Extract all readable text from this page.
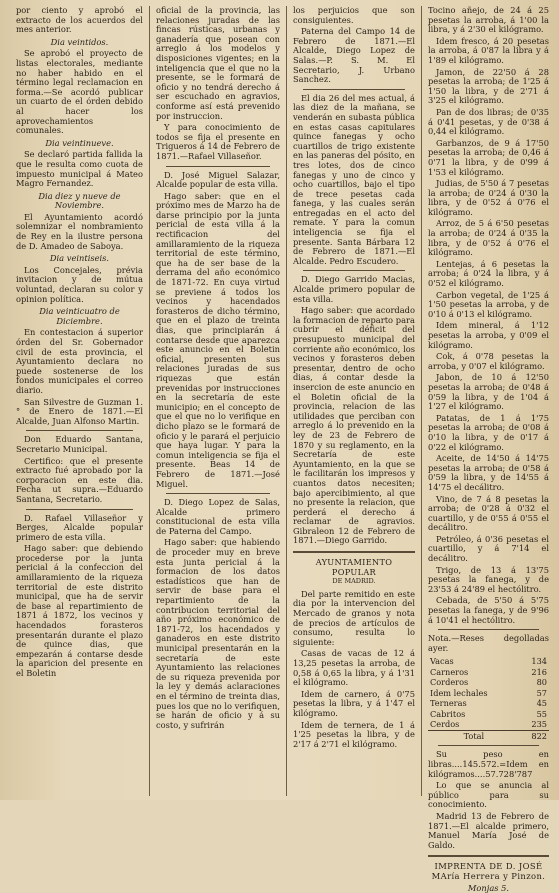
por ciento y aprobó el extracto de los acuerdos del mes anterior.

Dia veintidos.

Se aprobó el proyecto de listas electorales, mediante no haber habido en el término legal reclamacion en forma.—Se acordó publicar un cuarto de el órden debido al hacer los aprovechamientos comunales.

Dia veintinueve.

Se declaró partida fallida la que le resulta como cuota de impuesto municipal á Mateo Magro Fernandez.

Dia diez y nueve de Noviembre.

El Ayuntamiento acordó solemnizar el nombramiento de Rey en la ilustre persona de D. Amadeo de Saboya.

Dia veintiseis.

Los Concejales, prévia invitacion y de mútua voluntad, declaran su color y opinion política.

Dia veinticuatro de Diciembre.

En contestacion á superior órden del Sr. Gobernador civil de esta provincia, el Ayuntamiento declara no puede sostenerse de los fondos municipales el correo diario.

San Silvestre de Guzman 1.° de Enero de 1871.—El Alcalde, Juan Alfonso Martin.

Don Eduardo Santana, Secretario Municipal.

Certifico: que el presente extracto fué aprobado por la corporacion en este dia. Fecha ut supra.—Eduardo Santana, Secretario.

D. Rafael Villaseñor y Berges, Alcalde popular primero de esta villa.

Hago saber: que debiendo procederse por la junta pericial á la confeccion del amillaramiento de la riqueza territorial de este distrito municipal, que ha de servir de base al repartimiento de 1871 á 1872, los vecinos y hacendados forasteros presentarán durante el plazo de quince dias, que empezarán á contarse desde la aparicion del presente en el Boletin

oficial de la provincia, las relaciones juradas de las fincas rústicas, urbanas y ganadería que posean con arreglo á los modelos y disposiciones vigentes; en la inteligencia que el que no la presente, se le formará de oficio y no tendrá derecho á ser escuchado en agravios, conforme así está prevenido por instruccion.

Y para conocimiento de todos se fija el presente en Trigueros á 14 de Febrero de 1871.—Rafael Villaseñor.

D. José Miguel Salazar, Alcalde popular de esta villa.

Hago saber: que en el próximo mes de Marzo ha de darse principio por la junta pericial de esta villa á la rectificacion del amillaramiento de la riqueza territorial de este término, que ha de ser base de la derrama del año económico de 1871-72. En cuya virtud se previene á todos los vecinos y hacendados forasteros de dicho término, que en el plazo de treinta dias, que principiarán á contarse desde que aparezca este anuncio en el Boletin oficial, presenten sus relaciones juradas de sus riquezas que están prevenidas por instrucciones en la secretaría de este municipio; en el concepto de que el que no lo verifique en dicho plazo se le formará de oficio y le parará el perjuicio que haya lugar. Y para la comun inteligencia se fija el presente. Beas 14 de Febrero de 1871.—José Miguel.

D. Diego Lopez de Salas, Alcalde primero constitucional de esta villa de Paterna del Campo.

Hago saber: que habiendo de proceder muy en breve esta junta pericial á la formacion de los datos estadísticos que han de servir de base para el repartimiento de la contribucion territorial del año próximo económico de 1871-72, los hacendados y ganaderos en este distrito municipal presentarán en la secretaría de este Ayuntamiento las relaciones de su riqueza prevenida por la ley y demás aclaraciones en el término de treinta dias, pues los que no lo verifiquen, se harán de oficio y á su costo, y sufrirán

los perjuicios que son consiguientes.

Paterna del Campo 14 de Febrero de 1871.—El Alcalde, Diego Lopez de Salas.—P. S. M. El Secretario, J. Urbano Sanchez.

El dia 26 del mes actual, á las diez de la mañana, se venderán en subasta pública en estas casas capitulares quince fanegas y ocho cuartillos de trigo existente en las paneras del pósito, en tres lotes, dos de cinco fanegas y uno de cinco y ocho cuartillos, bajo el tipo de trece pesetas cada fanega, y las cuales serán entregadas en el acto del remate. Y para la comun inteligencia se fija el presente. Santa Bárbara 12 de Febrero de 1871.—El Alcalde. Pedro Escudero.

D. Diego Garrido Macias, Alcalde primero popular de esta villa.

Hago saber: que acordado la formacion de reparto para cubrir el déficit del presupuesto municipal del corriente año económico, los vecinos y forasteros deben presentar, dentro de ocho dias, á contar desde la insercion de este anuncio en el Boletin oficial de la provincia, relacion de las utilidades que perciban con arreglo á lo prevenido en la ley de 23 de Febrero de 1870 y su reglamento, en la Secretaría de este Ayuntamiento, en la que se le facilitarán los impresos y cuantos datos necesiten; bajo apercibimiento, al que no presente la relacion, que perderá el derecho á reclamar de agravios. Gibraleon 12 de Febrero de 1871.—Diego Garrido.

AYUNTAMIENTO POPULAR

DE MADRID.

Del parte remitido en este dia por la intervencion del Mercado de granos y nota de precios de artículos de consumo, resulta lo siguiente:

Casas de vacas de 12 á 13,25 pesetas la arroba, de 0,58 á 0,65 la libra, y á 1'31 el kilógramo.

Idem de carnero, á 0'75 pesetas la libra, y á 1'47 el kilógramo.

Idem de ternera, de 1 á 1'25 pesetas la libra, y de 2'17 á 2'71 el kilógramo.

Tocino añejo, de 24 á 25 pesetas la arroba, á 1'00 la libra, y á 2'30 el kilógramo.

Idem fresco, á 20 pesetas la arroba, á 0'87 la libra y á 1'89 el kilógramo.

Jamon, de 22'50 á 28 pesetas la arroba; de 1'25 á 1'50 la libra, y de 2'71 á 3'25 el kilógramo.

Pan de dos libras; de 0'35 á 0'41 pesetas, y de 0'38 á 0,44 el kilógramo.

Garbanzos, de 9 á 17'50 pesetas la arroba; de 0,46 á 0'71 la libra, y de 0'99 á 1'53 el kilógramo.

Judias, de 5'50 á 7 pesetas la arroba; de 0'24 á 0'30 la libra, y de 0'52 á 0'76 el kilógramo.

Arroz, de 5 á 6'50 pesetas la arroba; de 0'24 á 0'35 la libra, y de 0'52 á 0'76 el kilógramo.

Lentejas, á 6 pesetas la arroba; á 0'24 la libra, y á 0'52 el kilógramo.

Carbon vegetal, de 1'25 á 1'50 pesetas la arroba, y de 0'10 á 0'13 el kilógramo.

Idem mineral, á 1'12 pesetas la arroba, y 0'09 el kilógramo.

Cok, á 0'78 pesetas la arroba, y 0'07 el kilógramo.

Jabon, de 10 á 12'50 pesetas la arroba; de 0'48 á 0'59 la libra, y de 1'04 á 1'27 el kilógramo.

Patatas, de 1 á 1'75 pesetas la arroba; de 0'08 á 0'10 la libra, y de 0'17 á 0'22 el kilógramo.

Aceite, de 14'50 á 14'75 pesetas la arroba; de 0'58 á 0'59 la libra, y de 14'55 á 14'75 el decálitro.

Vino, de 7 á 8 pesetas la arroba; de 0'28 á 0'32 el cuartillo, y de 0'55 á 0'55 el decálitro.

Petróleo, á 0'36 pesetas el cuartillo, y á 7'14 el decálitro.

Trigo, de 13 á 13'75 pesetas la fanega, y de 23'53 á 24'89 el hectólitro.

Cebada, de 5'50 á 5'75 pesetas la fanega, y de 9'96 á 10'41 el hectólitro.

Nota.—Reses degolladas ayer.

Vacas	134
Carneros	216
Corderos	80
Idem lechales	57
Terneras	45
Cabritos	55
Cerdos	235
Total	822

Su peso en libras....145.572.=Idem en kilógramos....57.728'787

Lo que se anuncia al público para su conocimiento.

Madrid 13 de Febrero de 1871.—El alcalde primero, Manuel María José de Galdo.

IMPRENTA DE D. JOSÉ MAría Herrera y Pinzon.

Monjas 5.
